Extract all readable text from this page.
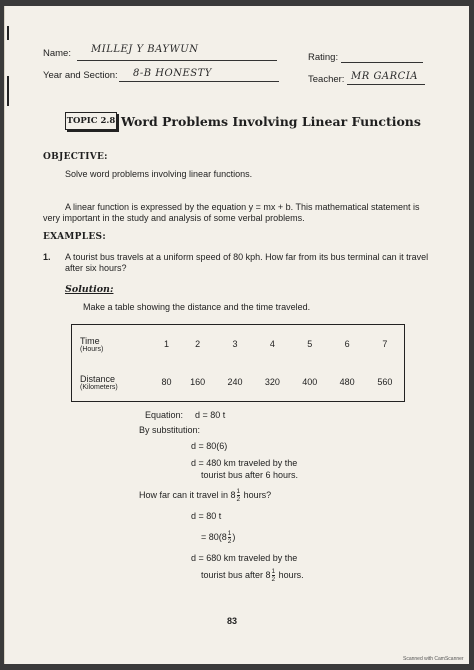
Name: MILLEJ Y BAYWUN
Rating:
Year and Section: 8-B HONESTY
Teacher: MR GARCIA
TOPIC 2.8 Word Problems Involving Linear Functions
OBJECTIVE:
Solve word problems involving linear functions.
A linear function is expressed by the equation y = mx + b. This mathematical statement is very important in the study and analysis of some verbal problems.
EXAMPLES:
1. A tourist bus travels at a uniform speed of 80 kph. How far from its bus terminal can it travel after six hours?
Solution:
Make a table showing the distance and the time traveled.
Time
(Hours)	1	2	3	4	5	6	7
Distance
(Kilometers)	80	160	240	320	400	480	560
Equation: d = 80 t
By substitution:
d = 80(6)
d = 480 km traveled by the
tourist bus after 6 hours.
How far can it travel in $8 \frac{1}{2}$ hours?
d = 80 t
= $80(8 \frac{1}{2}$ )
d = 680 km traveled by the
tourist bus after $8 \frac{1}{2}$ hours.
83
Scanned with CamScanner
